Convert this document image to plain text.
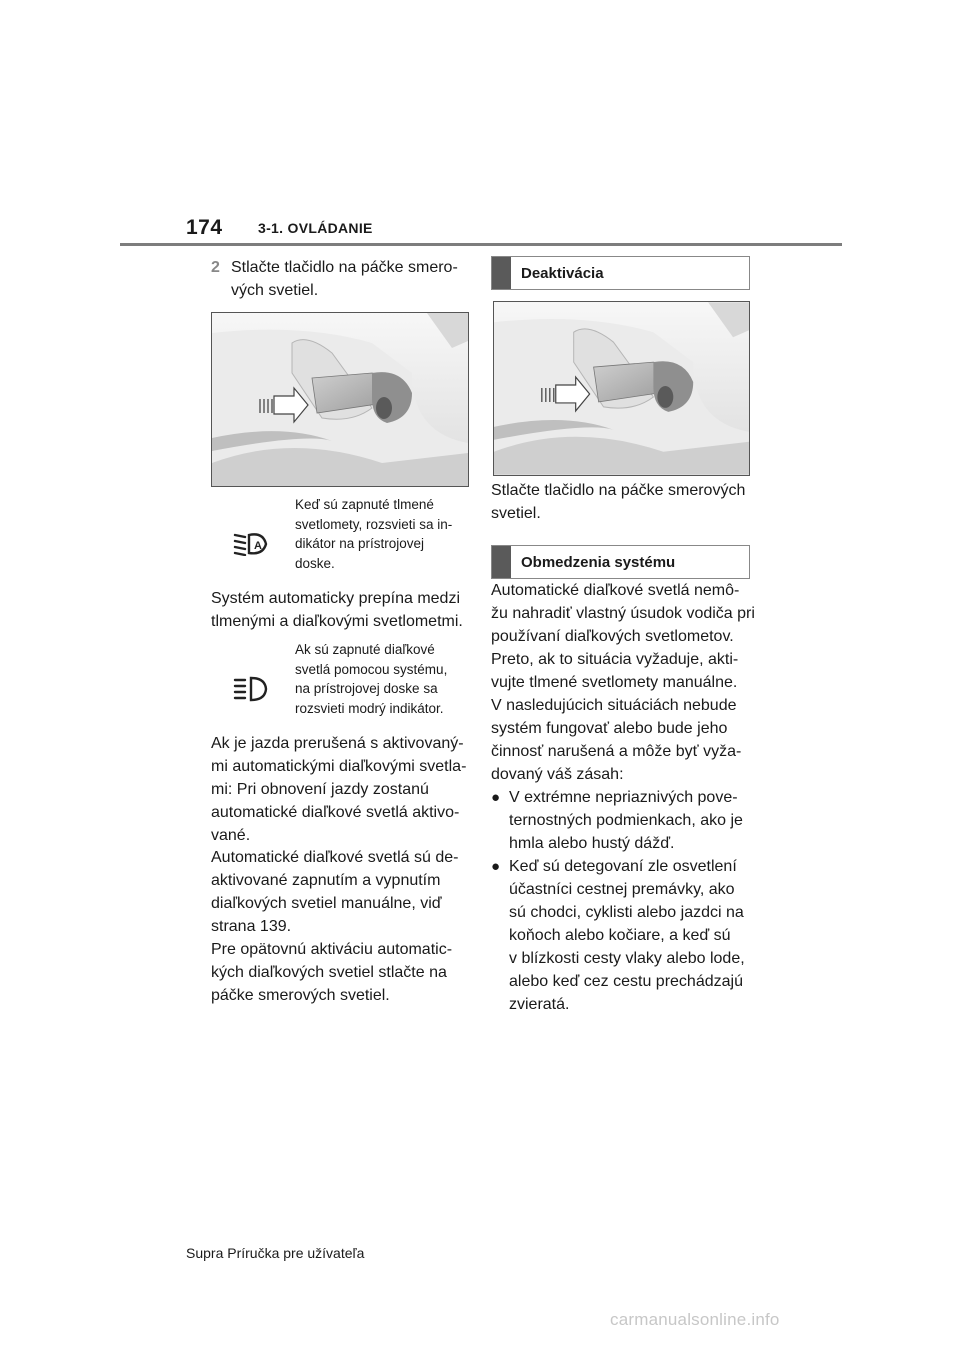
174	3-1. OVLÁDANIE

2 Stlačte tlačidlo na páčke smero-
vých svetiel.

A

Keď sú zapnuté tlmené
svetlomety, rozsvieti sa in-
dikátor na prístrojovej
doske.

Systém automaticky prepína medzi
tlmenými a diaľkovými svetlometmi.

Ak sú zapnuté diaľkové
svetlá pomocou systému,
na prístrojovej doske sa
rozsvieti modrý indikátor.

Ak je jazda prerušená s aktivovaný-
mi automatickými diaľkovými svetla-
mi: Pri obnovení jazdy zostanú
automatické diaľkové svetlá aktivo-
vané.

Automatické diaľkové svetlá sú de-
aktivované zapnutím a vypnutím
diaľkových svetiel manuálne, viď
strana 139.

Pre opätovnú aktiváciu automatic-
kých diaľkových svetiel stlačte na
páčke smerových svetiel.

Deaktivácia

Stlačte tlačidlo na páčke smerových
svetiel.

Obmedzenia systému

Automatické diaľkové svetlá nemô-
žu nahradiť vlastný úsudok vodiča pri
používaní diaľkových svetlometov.
Preto, ak to situácia vyžaduje, akti-
vujte tlmené svetlomety manuálne.

V nasledujúcich situáciách nebude
systém fungovať alebo bude jeho
činnosť narušená a môže byť vyža-
dovaný váš zásah:

● V extrémne nepriaznivých pove-
ternostných podmienkach, ako je
hmla alebo hustý dážď.

● Keď sú detegovaní zle osvetlení
účastníci cestnej premávky, ako
sú chodci, cyklisti alebo jazdci na
koňoch alebo kočiare, a keď sú
v blízkosti cesty vlaky alebo lode,
alebo keď cez cestu prechádzajú
zvieratá.

Supra Príručka pre užívateľa
carmanualsonline.info
